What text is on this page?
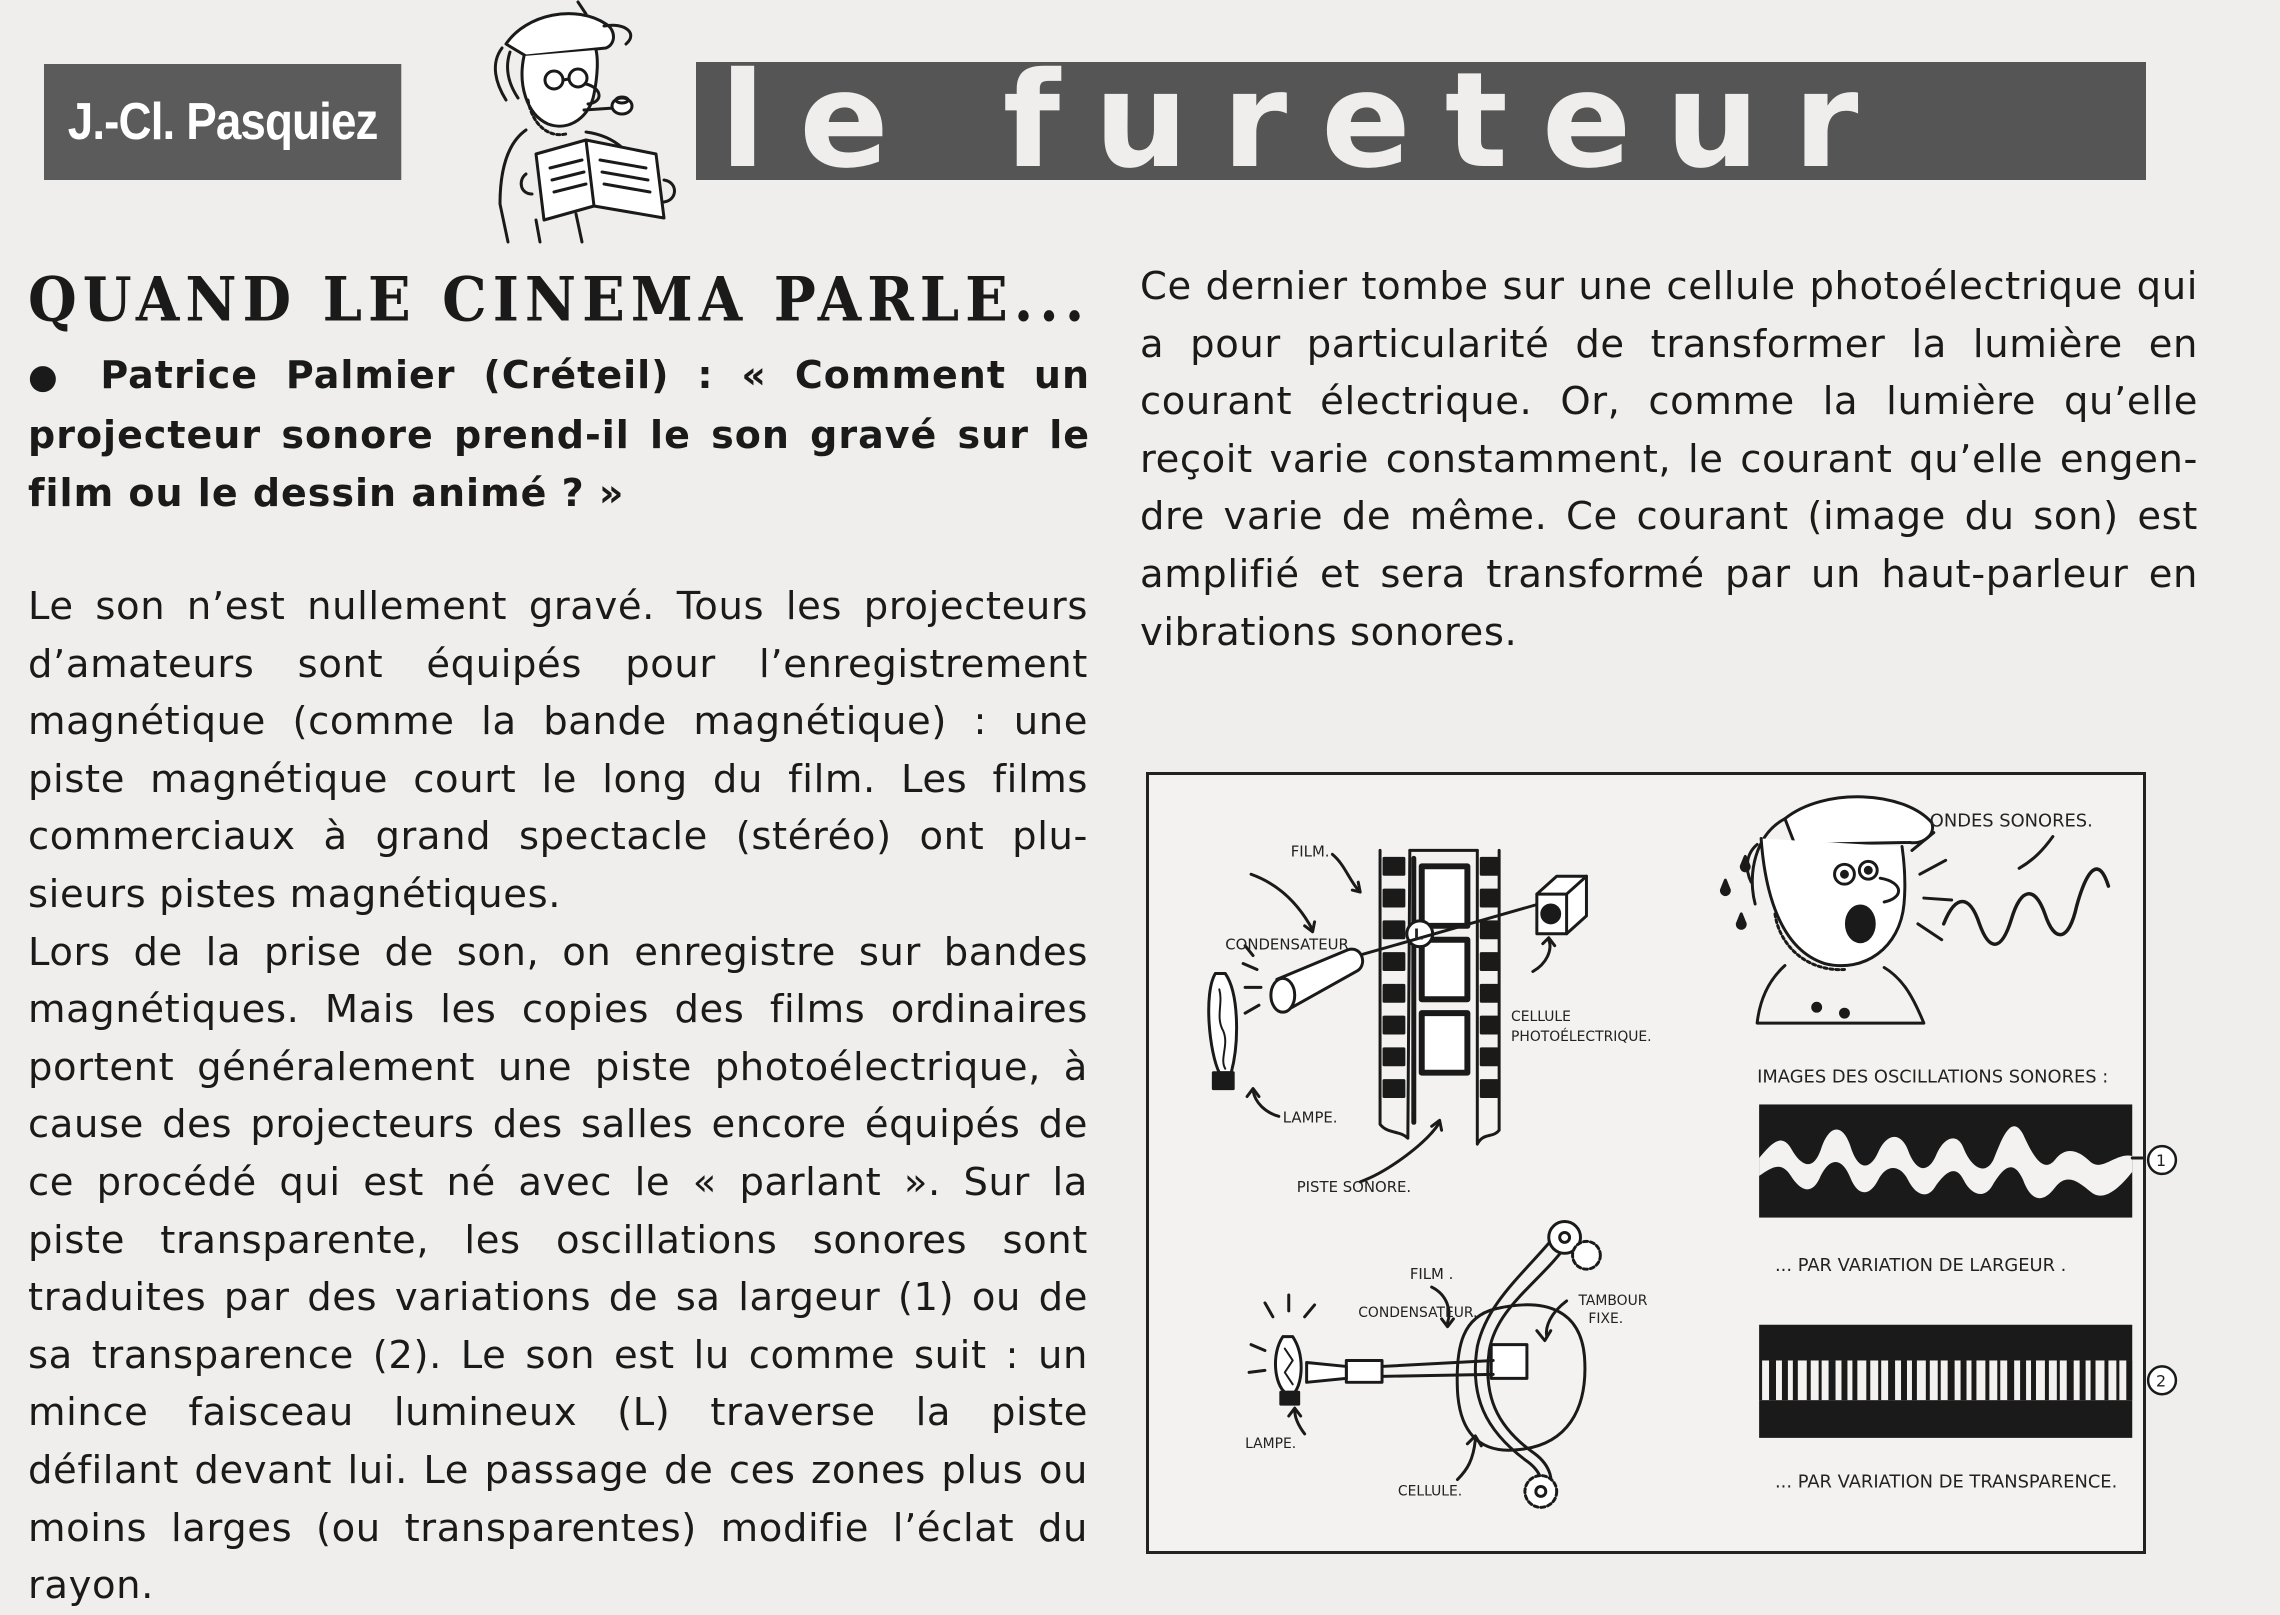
J.-Cl. Pasquiez	le fureteur
QUAND LE CINEMA PARLE...
● Patrice Palmier (Créteil) : « Comment un projecteur sonore prend-il le son gravé sur le film ou le dessin animé ? »

Le son n’est nullement gravé. Tous les projecteurs d’amateurs sont équipés pour l’enregistrement magnétique (comme la bande magnétique) : une piste magnétique court le long du film. Les films commerciaux à grand spectacle (stéréo) ont plu-sieurs pistes magnétiques.

Lors de la prise de son, on enregistre sur bandes magnétiques. Mais les copies des films ordinaires portent généralement une piste photoélectrique, à cause des projecteurs des salles encore équipés de ce procédé qui est né avec le « parlant ». Sur la piste transparente, les oscillations sonores sont traduites par des variations de sa largeur (1) ou de sa transparence (2). Le son est lu comme suit : un mince faisceau lumineux (L) traverse la piste défilant devant lui. Le passage de ces zones plus ou moins larges (ou transparentes) modifie l’éclat du rayon.

Ce dernier tombe sur une cellule photoélectrique qui a pour particularité de transformer la lumière en courant électrique. Or, comme la lumière qu’elle reçoit varie constamment, le courant qu’elle engen-dre varie de même. Ce courant (image du son) est amplifié et sera transformé par un haut-parleur en vibrations sonores.

FILM.
CONDENSATEUR
L
CELLULE
PHOTOÉLECTRIQUE.
LAMPE.
PISTE SONORE.
FILM .
CONDENSATEUR.
TAMBOUR
FIXE.
LAMPE.
CELLULE.
ONDES SONORES.
IMAGES DES OSCILLATIONS SONORES :
1
... PAR VARIATION DE LARGEUR .
2
... PAR VARIATION DE TRANSPARENCE.
